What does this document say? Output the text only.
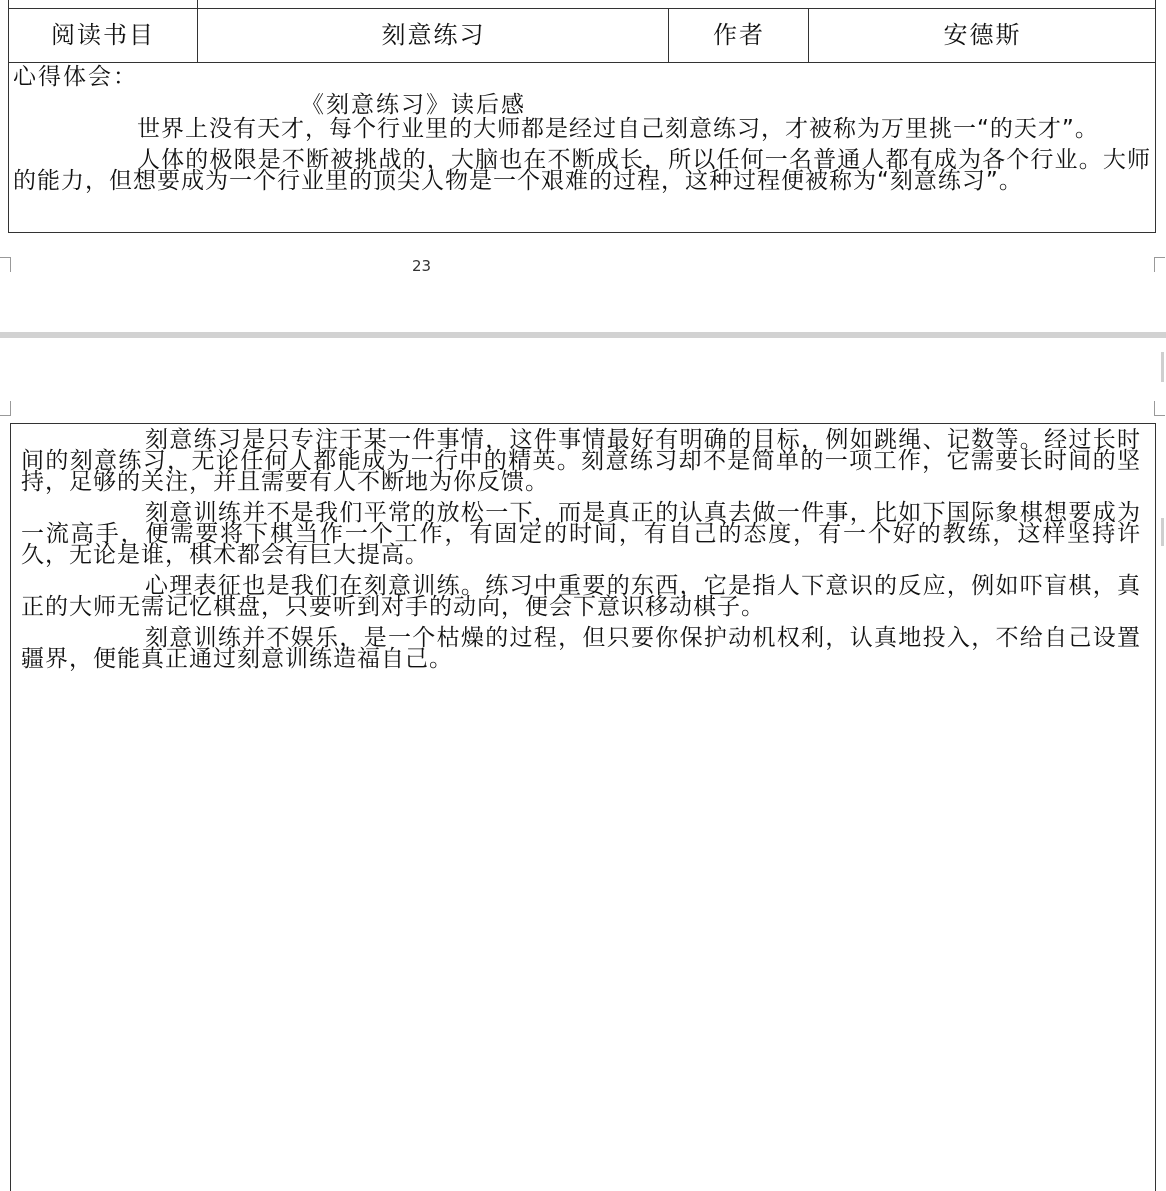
阅读书目	刻意练习	作者	安德斯
心得体会：
《刻意练习》读后感

世界上没有天才，每个行业里的大师都是经过自己刻意练习，才被称为万里挑一“的天才”。

人体的极限是不断被挑战的，大脑也在不断成长，所以任何一名普通人都有成为各个行业。大师的能力，但想要成为一个行业里的顶尖人物是一个艰难的过程，这种过程便被称为“刻意练习”。

23

刻意练习是只专注于某一件事情，这件事情最好有明确的目标，例如跳绳、记数等。经过长时间的刻意练习，无论任何人都能成为一行中的精英。刻意练习却不是简单的一项工作，它需要长时间的坚持，足够的关注，并且需要有人不断地为你反馈。

刻意训练并不是我们平常的放松一下，而是真正的认真去做一件事，比如下国际象棋想要成为一流高手，便需要将下棋当作一个工作，有固定的时间，有自己的态度，有一个好的教练，这样坚持许久，无论是谁，棋术都会有巨大提高。

心理表征也是我们在刻意训练。练习中重要的东西，它是指人下意识的反应，例如吓盲棋，真正的大师无需记忆棋盘，只要听到对手的动向，便会下意识移动棋子。

刻意训练并不娱乐，是一个枯燥的过程，但只要你保护动机权利，认真地投入，不给自己设置疆界，便能真正通过刻意训练造福自己。
